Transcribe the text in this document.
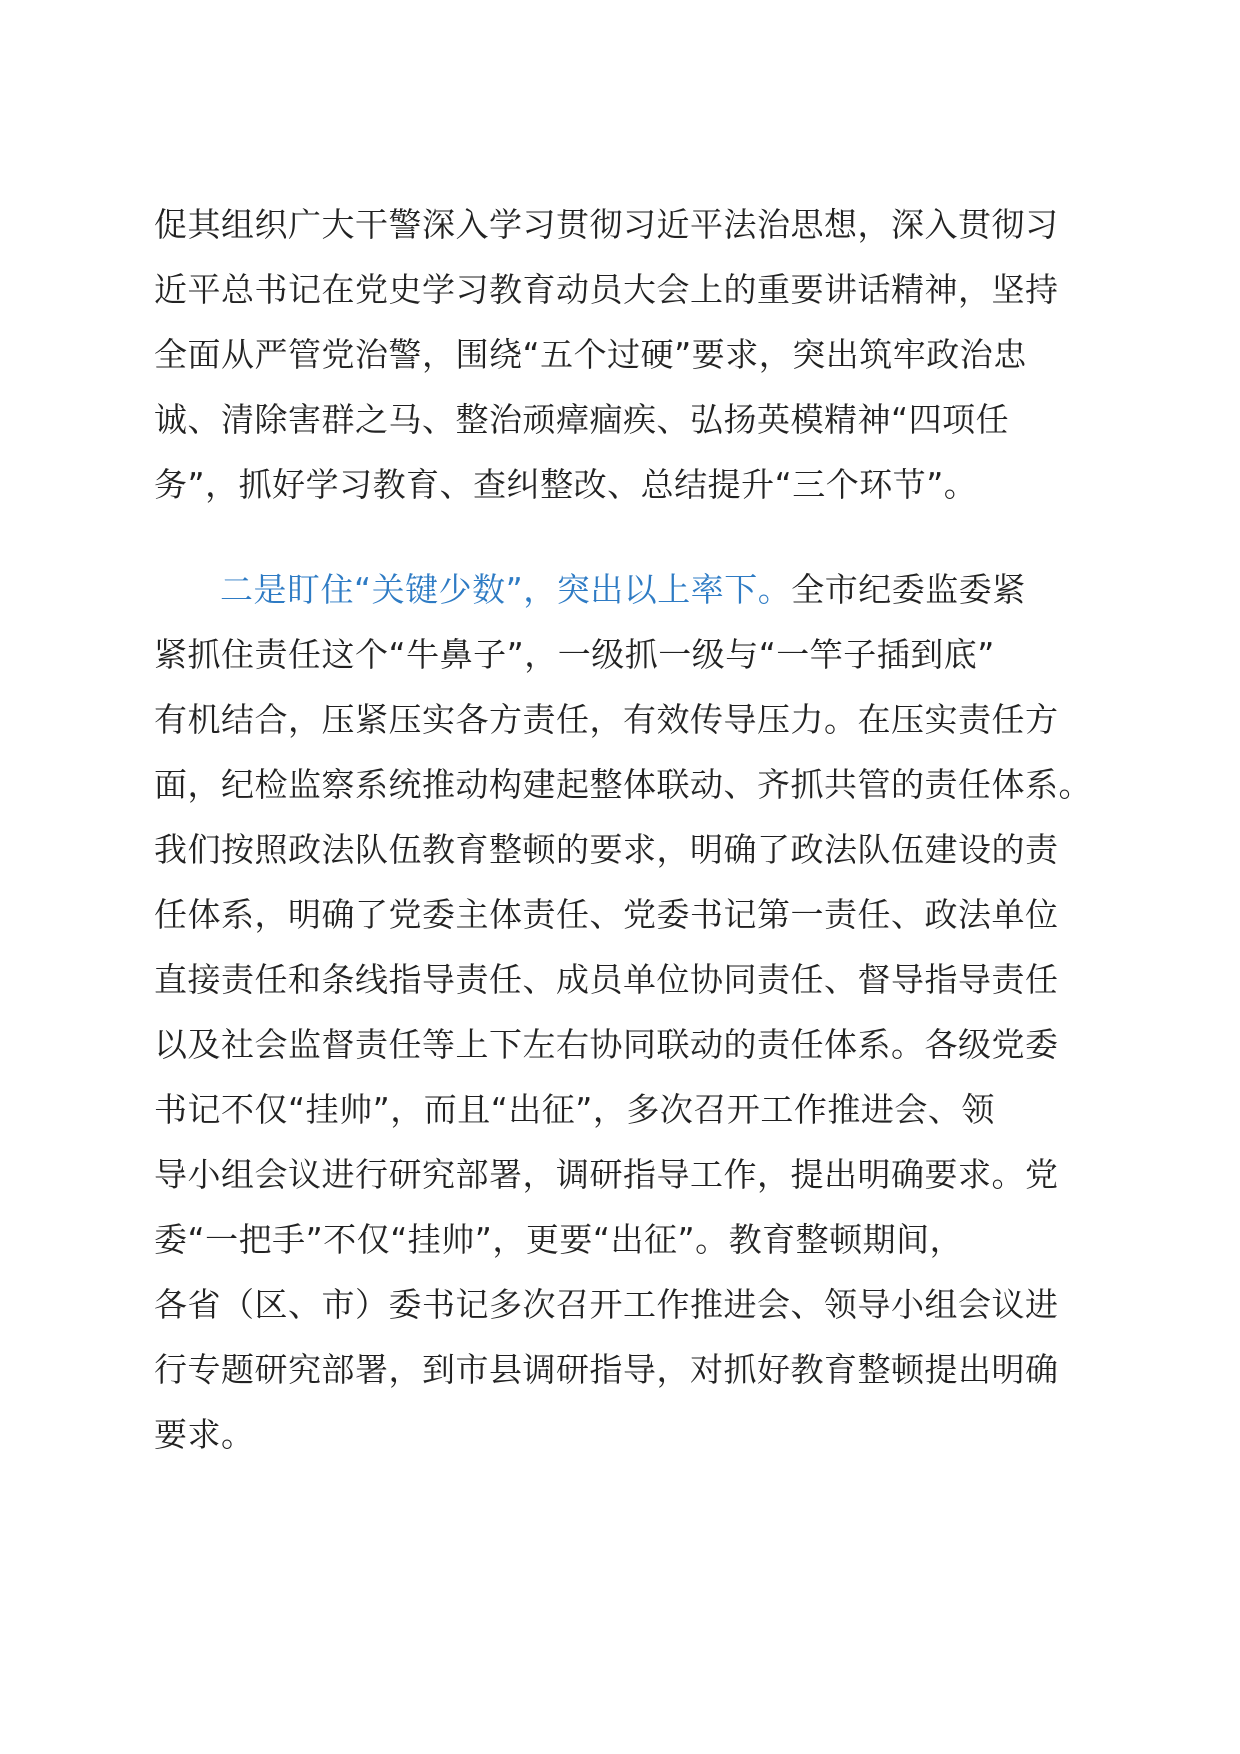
促其组织广大干警深入学习贯彻习近平法治思想，深入贯彻习
近平总书记在党史学习教育动员大会上的重要讲话精神，坚持
全面从严管党治警，围绕“五个过硬”要求，突出筑牢政治忠
诚、清除害群之马、整治顽瘴痼疾、弘扬英模精神“四项任
务”，抓好学习教育、查纠整改、总结提升“三个环节”。
二是盯住“关键少数”，突出以上率下。全市纪委监委紧
紧抓住责任这个“牛鼻子”，一级抓一级与“一竿子插到底”
有机结合，压紧压实各方责任，有效传导压力。在压实责任方
面，纪检监察系统推动构建起整体联动、齐抓共管的责任体系。
我们按照政法队伍教育整顿的要求，明确了政法队伍建设的责
任体系，明确了党委主体责任、党委书记第一责任、政法单位
直接责任和条线指导责任、成员单位协同责任、督导指导责任
以及社会监督责任等上下左右协同联动的责任体系。各级党委
书记不仅“挂帅”，而且“出征”，多次召开工作推进会、领
导小组会议进行研究部署，调研指导工作，提出明确要求。党
委“一把手”不仅“挂帅”，更要“出征”。教育整顿期间，
各省（区、市）委书记多次召开工作推进会、领导小组会议进
行专题研究部署，到市县调研指导，对抓好教育整顿提出明确
要求。
